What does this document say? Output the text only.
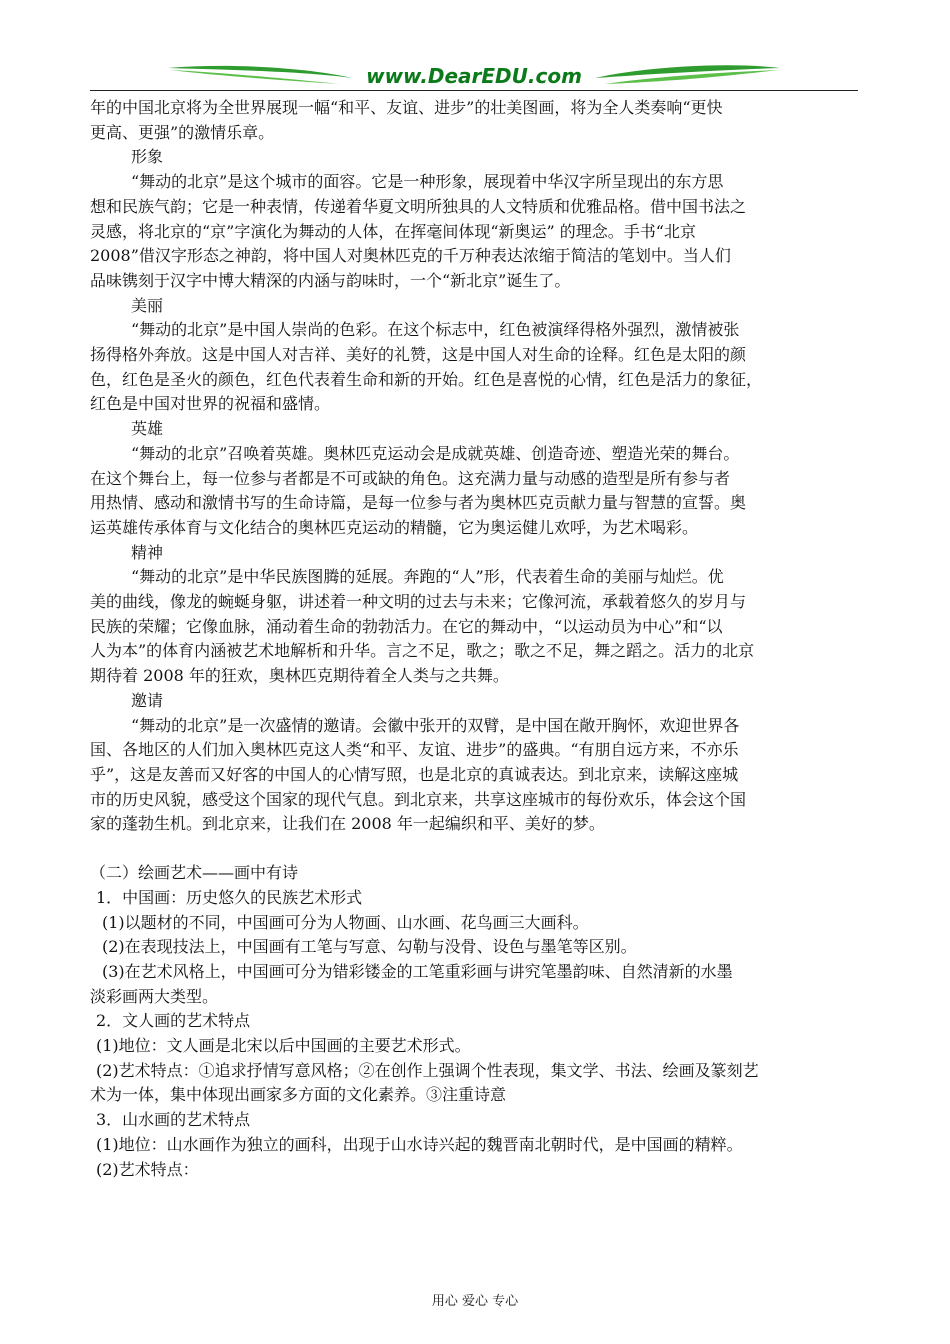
www.DearEDU.com
年的中国北京将为全世界展现一幅“和平、友谊、进步”的壮美图画，将为全人类奏响“更快
更高、更强”的激情乐章。
形象
“舞动的北京”是这个城市的面容。它是一种形象，展现着中华汉字所呈现出的东方思
想和民族气韵；它是一种表情，传递着华夏文明所独具的人文特质和优雅品格。借中国书法之
灵感，将北京的“京”字演化为舞动的人体，在挥毫间体现“新奥运” 的理念。手书“北京
2008”借汉字形态之神韵，将中国人对奥林匹克的千万种表达浓缩于简洁的笔划中。当人们
品味镌刻于汉字中博大精深的内涵与韵味时，一个“新北京”诞生了。
美丽
“舞动的北京”是中国人崇尚的色彩。在这个标志中，红色被演绎得格外强烈，激情被张
扬得格外奔放。这是中国人对吉祥、美好的礼赞，这是中国人对生命的诠释。红色是太阳的颜
色，红色是圣火的颜色，红色代表着生命和新的开始。红色是喜悦的心情，红色是活力的象征，
红色是中国对世界的祝福和盛情。
英雄
“舞动的北京”召唤着英雄。奥林匹克运动会是成就英雄、创造奇迹、塑造光荣的舞台。
在这个舞台上，每一位参与者都是不可或缺的角色。这充满力量与动感的造型是所有参与者
用热情、感动和激情书写的生命诗篇，是每一位参与者为奥林匹克贡献力量与智慧的宣誓。奥
运英雄传承体育与文化结合的奥林匹克运动的精髓，它为奥运健儿欢呼，为艺术喝彩。
精神
“舞动的北京”是中华民族图腾的延展。奔跑的“人”形，代表着生命的美丽与灿烂。优
美的曲线，像龙的蜿蜒身躯，讲述着一种文明的过去与未来；它像河流，承载着悠久的岁月与
民族的荣耀；它像血脉，涌动着生命的勃勃活力。在它的舞动中，“以运动员为中心”和“以
人为本”的体育内涵被艺术地解析和升华。言之不足，歌之；歌之不足，舞之蹈之。活力的北京
期待着 2008 年的狂欢，奥林匹克期待着全人类与之共舞。
邀请
“舞动的北京”是一次盛情的邀请。会徽中张开的双臂，是中国在敞开胸怀，欢迎世界各
国、各地区的人们加入奥林匹克这人类“和平、友谊、进步”的盛典。“有朋自远方来，不亦乐
乎”，这是友善而又好客的中国人的心情写照，也是北京的真诚表达。到北京来，读解这座城
市的历史风貌，感受这个国家的现代气息。到北京来，共享这座城市的每份欢乐，体会这个国
家的蓬勃生机。到北京来，让我们在 2008 年一起编织和平、美好的梦。
（二）绘画艺术——画中有诗
1．中国画：历史悠久的民族艺术形式
(1)以题材的不同，中国画可分为人物画、山水画、花鸟画三大画科。
(2)在表现技法上，中国画有工笔与写意、勾勒与没骨、设色与墨笔等区别。
(3)在艺术风格上，中国画可分为错彩镂金的工笔重彩画与讲究笔墨韵味、自然清新的水墨
淡彩画两大类型。
2．文人画的艺术特点
(1)地位：文人画是北宋以后中国画的主要艺术形式。
(2)艺术特点：①追求抒情写意风格；②在创作上强调个性表现，集文学、书法、绘画及篆刻艺
术为一体，集中体现出画家多方面的文化素养。③注重诗意
3．山水画的艺术特点
(1)地位：山水画作为独立的画科，出现于山水诗兴起的魏晋南北朝时代，是中国画的精粹。
(2)艺术特点：
用心 爱心 专心
